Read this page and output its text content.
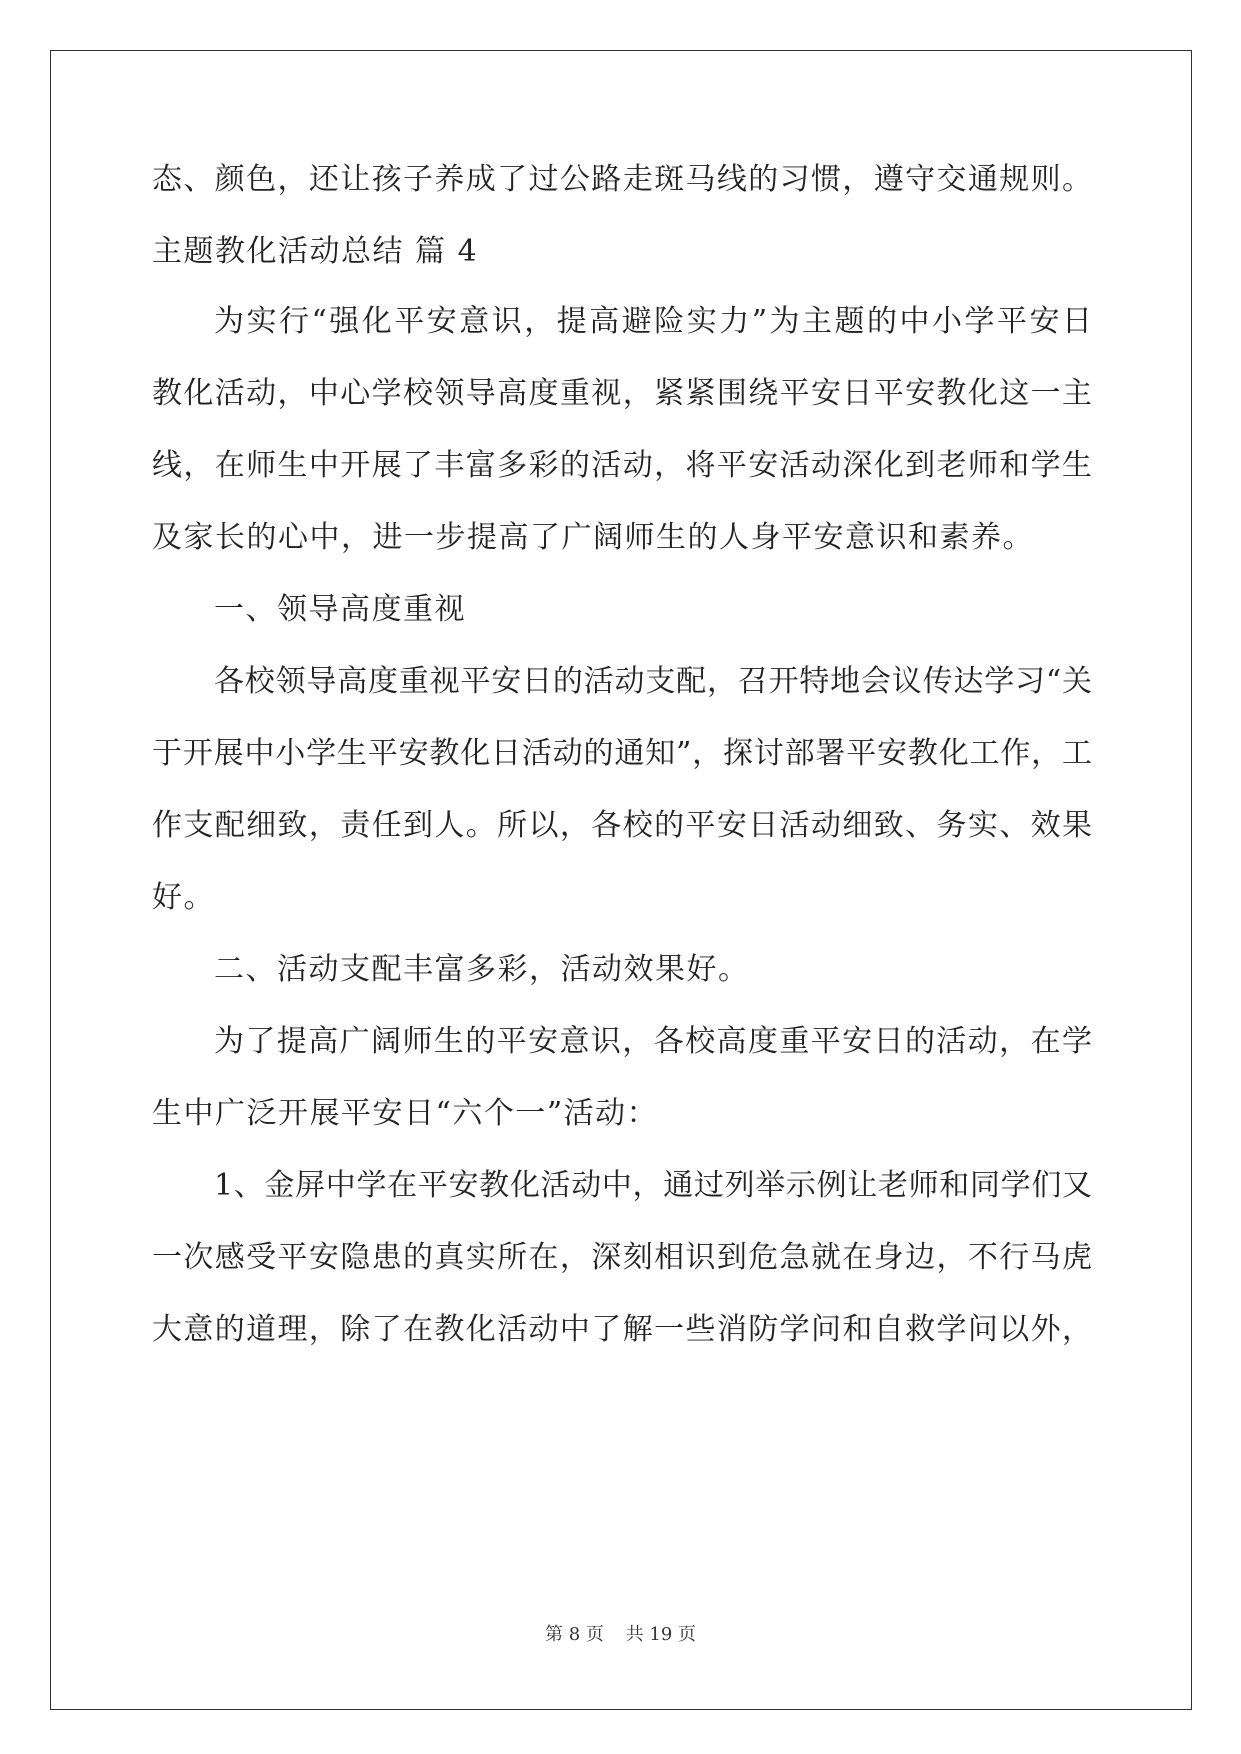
态、颜色，还让孩子养成了过公路走斑马线的习惯，遵守交通规则。
主题教化活动总结 篇 4
为实行“强化平安意识，提高避险实力”为主题的中小学平安日
教化活动，中心学校领导高度重视，紧紧围绕平安日平安教化这一主
线，在师生中开展了丰富多彩的活动，将平安活动深化到老师和学生
及家长的心中，进一步提高了广阔师生的人身平安意识和素养。
一、领导高度重视
各校领导高度重视平安日的活动支配，召开特地会议传达学习“关
于开展中小学生平安教化日活动的通知”，探讨部署平安教化工作，工
作支配细致，责任到人。所以，各校的平安日活动细致、务实、效果
好。
二、活动支配丰富多彩，活动效果好。
为了提高广阔师生的平安意识，各校高度重平安日的活动，在学
生中广泛开展平安日“六个一”活动：
1、金屏中学在平安教化活动中，通过列举示例让老师和同学们又
一次感受平安隐患的真实所在，深刻相识到危急就在身边，不行马虎
大意的道理，除了在教化活动中了解一些消防学问和自救学问以外，
第 8 页 共 19 页
